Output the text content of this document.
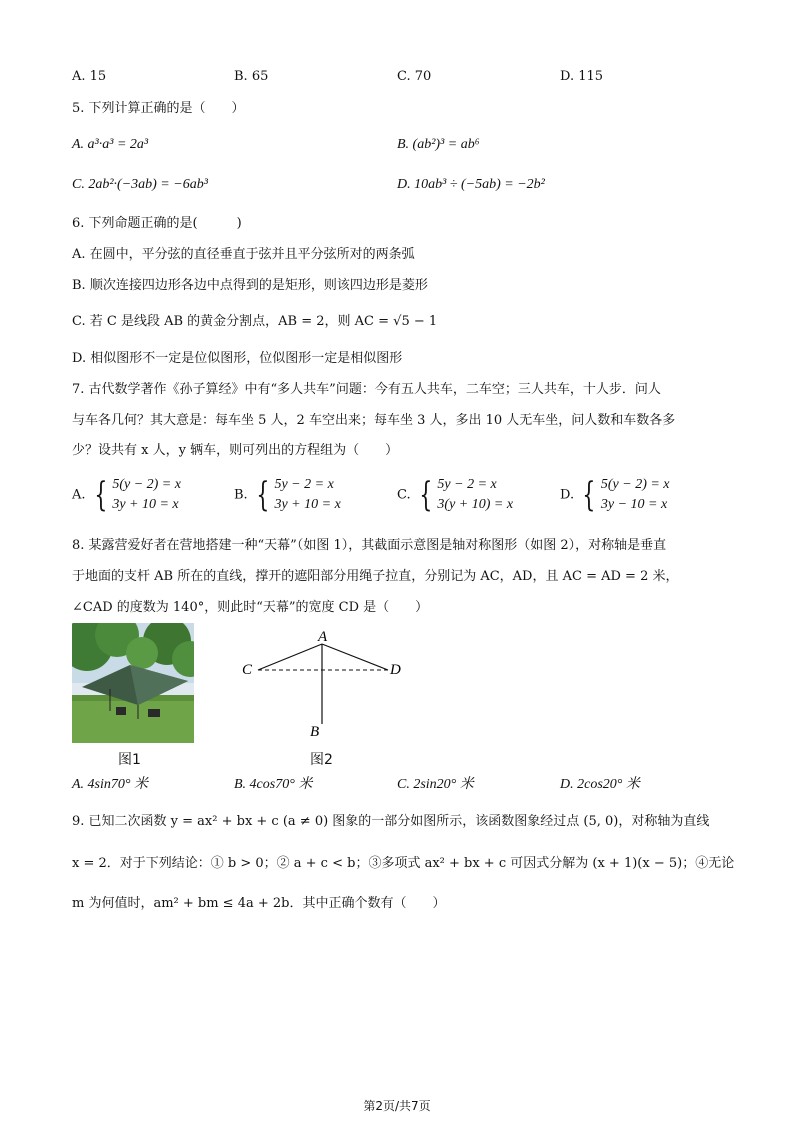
A. 15	B. 65	C. 70	D. 115
5. 下列计算正确的是（　　）
A. a³·a³ = 2a³	B. (ab²)³ = ab⁶
C. 2ab²·(−3ab) = −6ab³	D. 10ab³ ÷ (−5ab) = −2b²
6. 下列命题正确的是(　　　)
A. 在圆中，平分弦的直径垂直于弦并且平分弦所对的两条弧
B. 顺次连接四边形各边中点得到的是矩形，则该四边形是菱形
C. 若 C 是线段 AB 的黄金分割点，AB = 2，则 AC = √5 − 1
D. 相似图形不一定是位似图形，位似图形一定是相似图形
7. 古代数学著作《孙子算经》中有“多人共车”问题：今有五人共车，二车空；三人共车，十人步．问人
与车各几何？其大意是：每车坐 5 人，2 车空出来；每车坐 3 人，多出 10 人无车坐，问人数和车数各多
少？设共有 x 人，y 辆车，则可列出的方程组为（　　）
A. { 5(y − 2) = x
3y + 10 = x
B. { 5y − 2 = x
3y + 10 = x
C. { 5y − 2 = x
3(y + 10) = x
D. { 5(y − 2) = x
3y − 10 = x
8. 某露营爱好者在营地搭建一种“天幕”（如图 1），其截面示意图是轴对称图形（如图 2），对称轴是垂直
于地面的支杆 AB 所在的直线，撑开的遮阳部分用绳子拉直，分别记为 AC，AD，且 AC = AD = 2 米，
∠CAD 的度数为 140°，则此时“天幕”的宽度 CD 是（　　）
图1
A
C	D
B
图2
A. 4sin70° 米	B. 4cos70° 米	C. 2sin20° 米	D. 2cos20° 米
9. 已知二次函数 y = ax² + bx + c (a ≠ 0) 图象的一部分如图所示，该函数图象经过点 (5, 0)，对称轴为直线
x = 2．对于下列结论：① b > 0；② a + c < b；③多项式 ax² + bx + c 可因式分解为 (x + 1)(x − 5)；④无论
m 为何值时，am² + bm ≤ 4a + 2b．其中正确个数有（　　）
第2页/共7页
